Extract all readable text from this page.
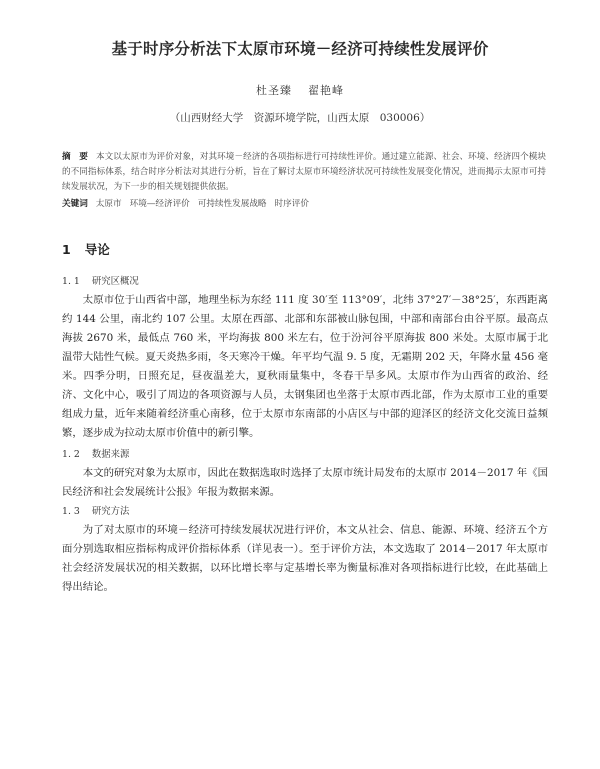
基于时序分析法下太原市环境－经济可持续性发展评价
杜圣臻 翟艳峰
（山西财经大学　资源环境学院，山西太原　030006）
摘　要 本文以太原市为评价对象，对其环境－经济的各项指标进行可持续性评价。通过建立能源、社会、环境、经济四个模块的不同指标体系，结合时序分析法对其进行分析，旨在了解讨太原市环境经济状况可持续性发展变化情况，进而揭示太原市可持续发展状况，为下一步的相关规划提供依据。
关键词 太原市 环境—经济评价 可持续性发展战略 时序评价
1 导论
1. 1 研究区概况

太原市位于山西省中部，地理坐标为东经 111 度 30′至 113°09′，北纬 37°27′－38°25′，东西距离约 144 公里，南北约 107 公里。太原在西部、北部和东部被山脉包围，中部和南部台由谷平原。最高点海拔 2670 米，最低点 760 米，平均海拔 800 米左右，位于汾河谷平原海拔 800 米处。太原市属于北温带大陆性气候。夏天炎热多雨，冬天寒冷干燥。年平均气温 9. 5 度，无霜期 202 天，年降水量 456 毫米。四季分明，日照充足，昼夜温差大，夏秋雨量集中，冬春干旱多风。太原市作为山西省的政治、经济、文化中心，吸引了周边的各项资源与人员，太钢集团也坐落于太原市西北部，作为太原市工业的重要组成力量，近年来随着经济重心南移，位于太原市东南部的小店区与中部的迎泽区的经济文化交流日益频繁，逐步成为拉动太原市价值中的新引擎。

1. 2 数据来源

本文的研究对象为太原市，因此在数据选取时选择了太原市统计局发布的太原市 2014－2017 年《国民经济和社会发展统计公报》年报为数据来源。

1. 3 研究方法

为了对太原市的环境－经济可持续发展状况进行评价，本文从社会、信息、能源、环境、经济五个方面分别选取相应指标构成评价指标体系（详见表一）。至于评价方法，本文选取了 2014－2017 年太原市社会经济发展状况的相关数据，以环比增长率与定基增长率为衡量标准对各项指标进行比较，在此基础上得出结论。
